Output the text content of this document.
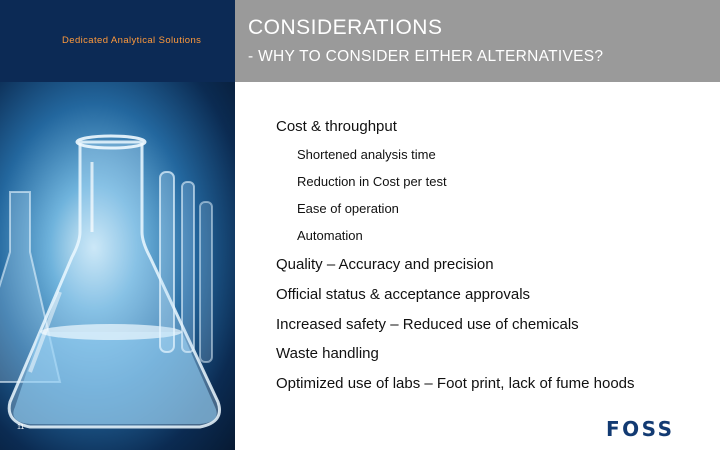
Dedicated Analytical Solutions
11
CONSIDERATIONS
- WHY TO CONSIDER EITHER ALTERNATIVES?
Cost & throughput
Shortened analysis time
Reduction in Cost per test
Ease of operation
Automation
Quality – Accuracy and precision
Official status & acceptance approvals
Increased safety – Reduced use of chemicals
Waste handling
Optimized use of labs – Foot print, lack of fume hoods
FOSS
